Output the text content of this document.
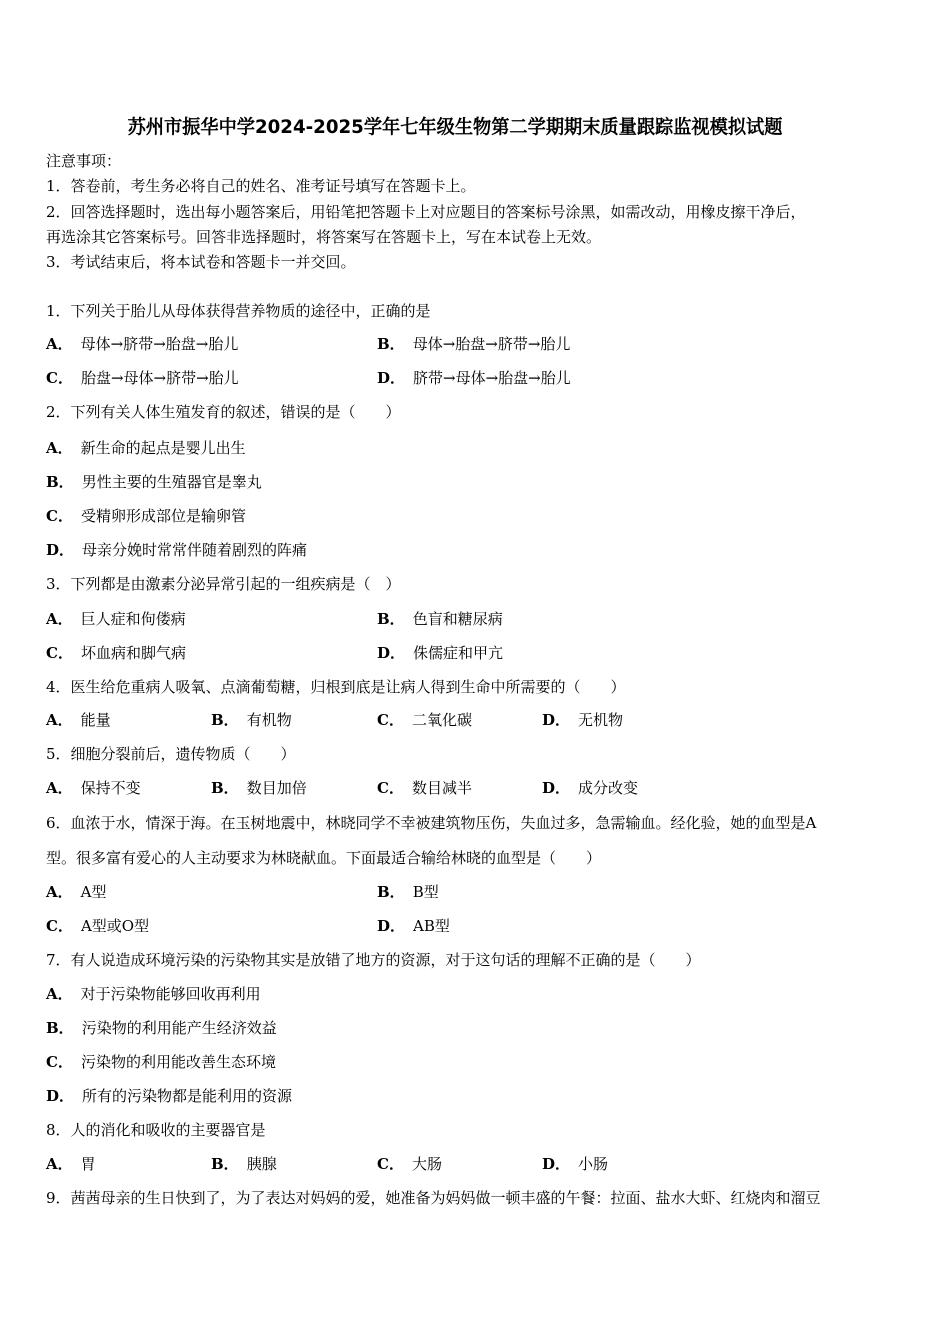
苏州市振华中学2024-2025学年七年级生物第二学期期末质量跟踪监视模拟试题
注意事项：
1．答卷前，考生务必将自己的姓名、准考证号填写在答题卡上。
2．回答选择题时，选出每小题答案后，用铅笔把答题卡上对应题目的答案标号涂黑，如需改动，用橡皮擦干净后，
再选涂其它答案标号。回答非选择题时，将答案写在答题卡上，写在本试卷上无效。
3．考试结束后，将本试卷和答题卡一并交回。
1．下列关于胎儿从母体获得营养物质的途径中，正确的是
A． 母体→脐带→胎盘→胎儿	B． 母体→胎盘→脐带→胎儿
C． 胎盘→母体→脐带→胎儿	D． 脐带→母体→胎盘→胎儿
2．下列有关人体生殖发育的叙述，错误的是（　　）
A． 新生命的起点是婴儿出生
B． 男性主要的生殖器官是睾丸
C． 受精卵形成部位是输卵管
D． 母亲分娩时常常伴随着剧烈的阵痛
3．下列都是由激素分泌异常引起的一组疾病是（　）
A． 巨人症和佝偻病	B． 色盲和糖尿病
C． 坏血病和脚气病	D． 侏儒症和甲亢
4．医生给危重病人吸氧、点滴葡萄糖，归根到底是让病人得到生命中所需要的（　　）
A． 能量	B． 有机物	C． 二氧化碳	D． 无机物
5．细胞分裂前后，遗传物质（　　）
A． 保持不变	B． 数目加倍	C． 数目减半	D． 成分改变
6．血浓于水，情深于海。在玉树地震中，林晓同学不幸被建筑物压伤，失血过多，急需输血。经化验，她的血型是A
型。很多富有爱心的人主动要求为林晓献血。下面最适合输给林晓的血型是（　　）
A． A型	B． B型
C． A型或O型	D． AB型
7．有人说造成环境污染的污染物其实是放错了地方的资源，对于这句话的理解不正确的是（　　）
A． 对于污染物能够回收再利用
B． 污染物的利用能产生经济效益
C． 污染物的利用能改善生态环境
D． 所有的污染物都是能利用的资源
8．人的消化和吸收的主要器官是
A． 胃	B． 胰腺	C． 大肠	D． 小肠
9．茜茜母亲的生日快到了，为了表达对妈妈的爱，她准备为妈妈做一顿丰盛的午餐：拉面、盐水大虾、红烧肉和溜豆
